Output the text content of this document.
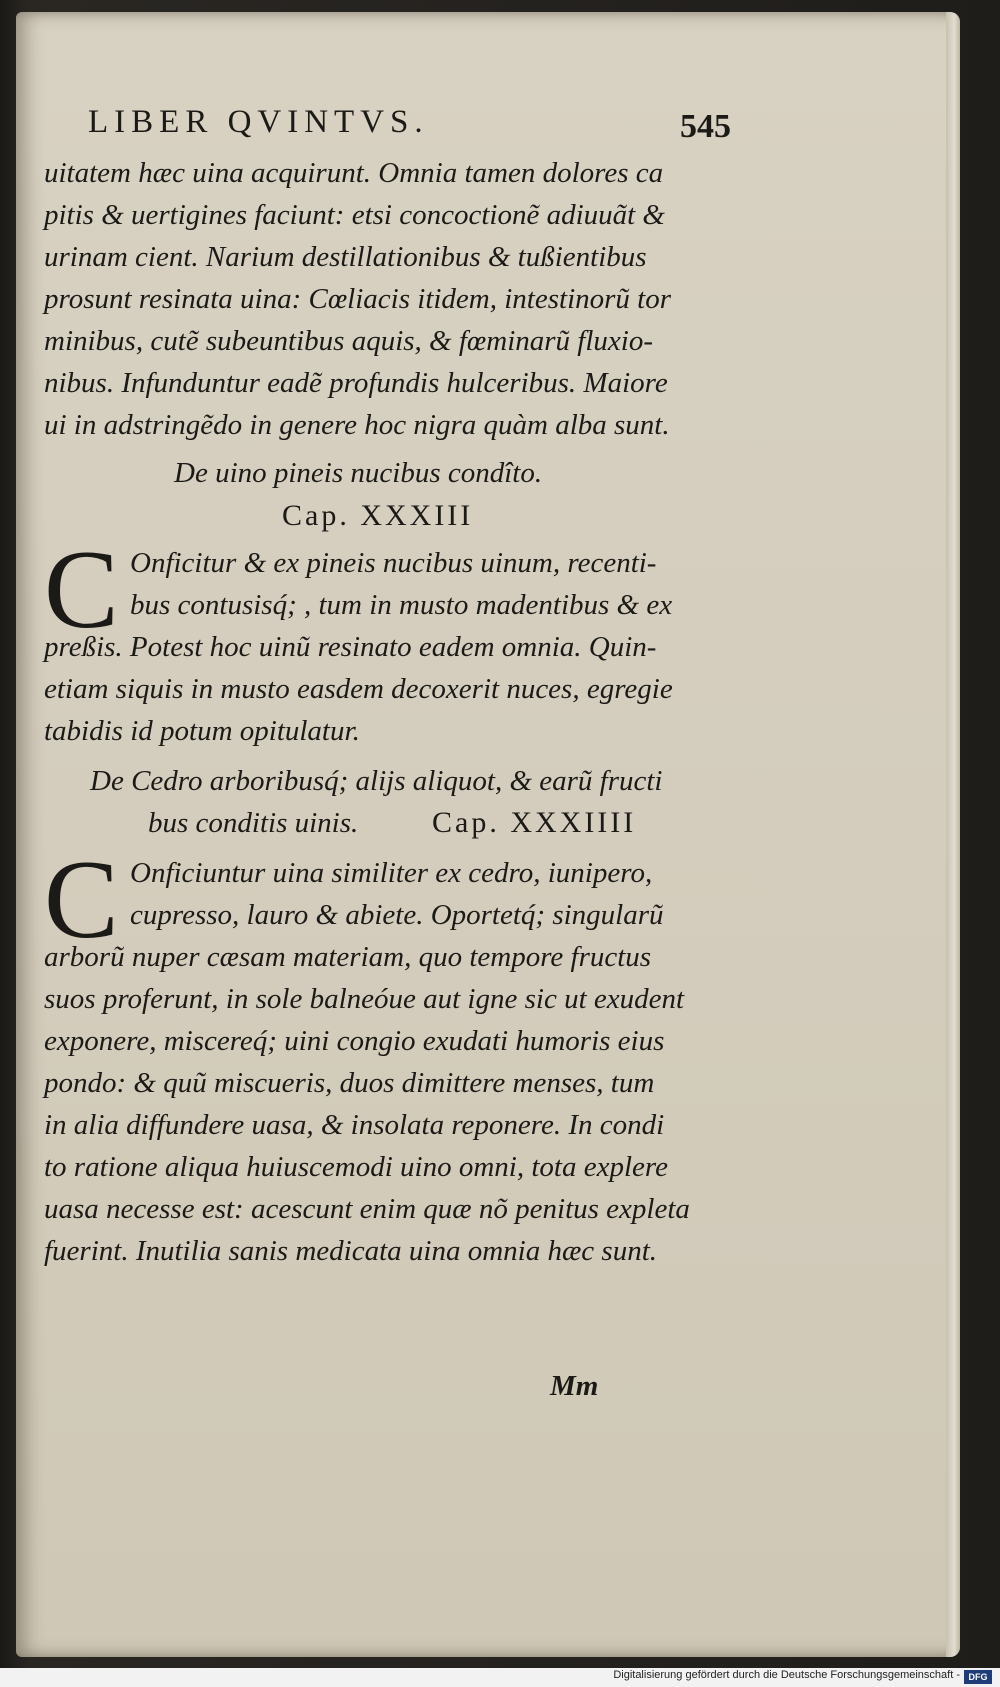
LIBER QVINTVS.	545
uitatem hæc uina acquirunt. Omnia tamen dolores ca
pitis & uertigines faciunt: etsi concoctionẽ adiuuãt &
urinam cient. Narium destillationibus & tußientibus
prosunt resinata uina: Cœliacis itidem, intestinorũ tor
minibus, cutẽ subeuntibus aquis, & fœminarũ fluxio-
nibus. Infunduntur eadẽ profundis hulceribus. Maiore
ui in adstringẽdo in genere hoc nigra quàm alba sunt.
De uino pineis nucibus condîto.
Cap. XXXIII
C Onficitur & ex pineis nucibus uinum, recenti-
bus contusisq́; , tum in musto madentibus & ex
preßis. Potest hoc uinũ resinato eadem omnia. Quin-
etiam siquis in musto easdem decoxerit nuces, egregie
tabidis id potum opitulatur.
De Cedro arboribusq́; alijs aliquot, & earũ fructi
bus conditis uinis. Cap. XXXIIII
C Onficiuntur uina similiter ex cedro, iunipero,
cupresso, lauro & abiete. Oportetq́; singularũ
arborũ nuper cæsam materiam, quo tempore fructus
suos proferunt, in sole balneóue aut igne sic ut exudent
exponere, miscereq́; uini congio exudati humoris eius
pondo: & quũ miscueris, duos dimittere menses, tum
in alia diffundere uasa, & insolata reponere. In condi
to ratione aliqua huiuscemodi uino omni, tota explere
uasa necesse est: acescunt enim quæ nõ penitus expleta
fuerint. Inutilia sanis medicata uina omnia hæc sunt.
Mm
Digitalisierung gefördert durch die Deutsche Forschungsgemeinschaft - DFG
